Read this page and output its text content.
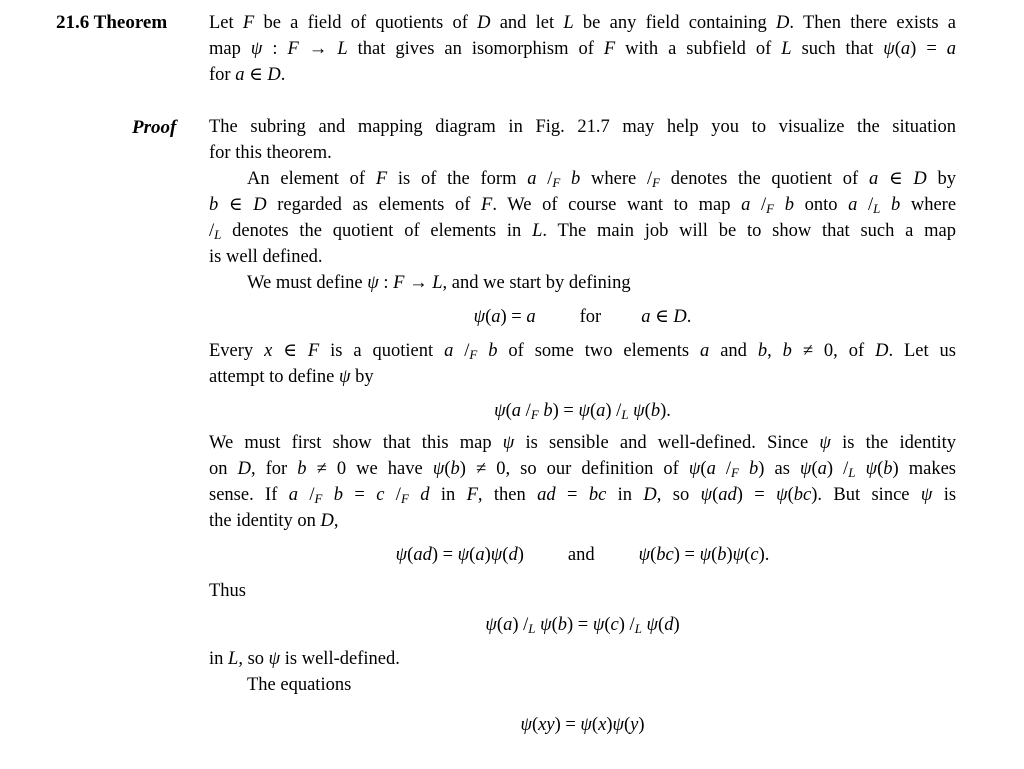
21.6 Theorem
Proof
Let F be a field of quotients of D and let L be any field containing D. Then there exists a
map ψ : F → L that gives an isomorphism of F with a subfield of L such that ψ(a) = a
for a ∈ D.
The subring and mapping diagram in Fig. 21.7 may help you to visualize the situation
for this theorem.
An element of F is of the form a $/_F$ b where $/_F$ denotes the quotient of a ∈ D by
b ∈ D regarded as elements of F. We of course want to map a $/_F$ b onto a $/_L$ b where
$/_L$ denotes the quotient of elements in L. The main job will be to show that such a map
is well defined.
We must define ψ : F → L, and we start by defining
ψ(a) = a for a ∈ D.
Every x ∈ F is a quotient a $/_F$ b of some two elements a and b, b ≠ 0, of D. Let us
attempt to define ψ by
ψ(a $/_F$ b) = ψ(a) $/_L$ ψ(b).
We must first show that this map ψ is sensible and well-defined. Since ψ is the identity
on D, for b ≠ 0 we have ψ(b) ≠ 0, so our definition of ψ(a $/_F$ b) as ψ(a) $/_L$ ψ(b) makes
sense. If a $/_F$ b = c $/_F$ d in F, then ad = bc in D, so ψ(ad) = ψ(bc). But since ψ is
the identity on D,
ψ(ad) = ψ(a)ψ(d) and ψ(bc) = ψ(b)ψ(c).
Thus
ψ(a) $/_L$ ψ(b) = ψ(c) $/_L$ ψ(d)
in L, so ψ is well-defined.
The equations
ψ(xy) = ψ(x)ψ(y)
